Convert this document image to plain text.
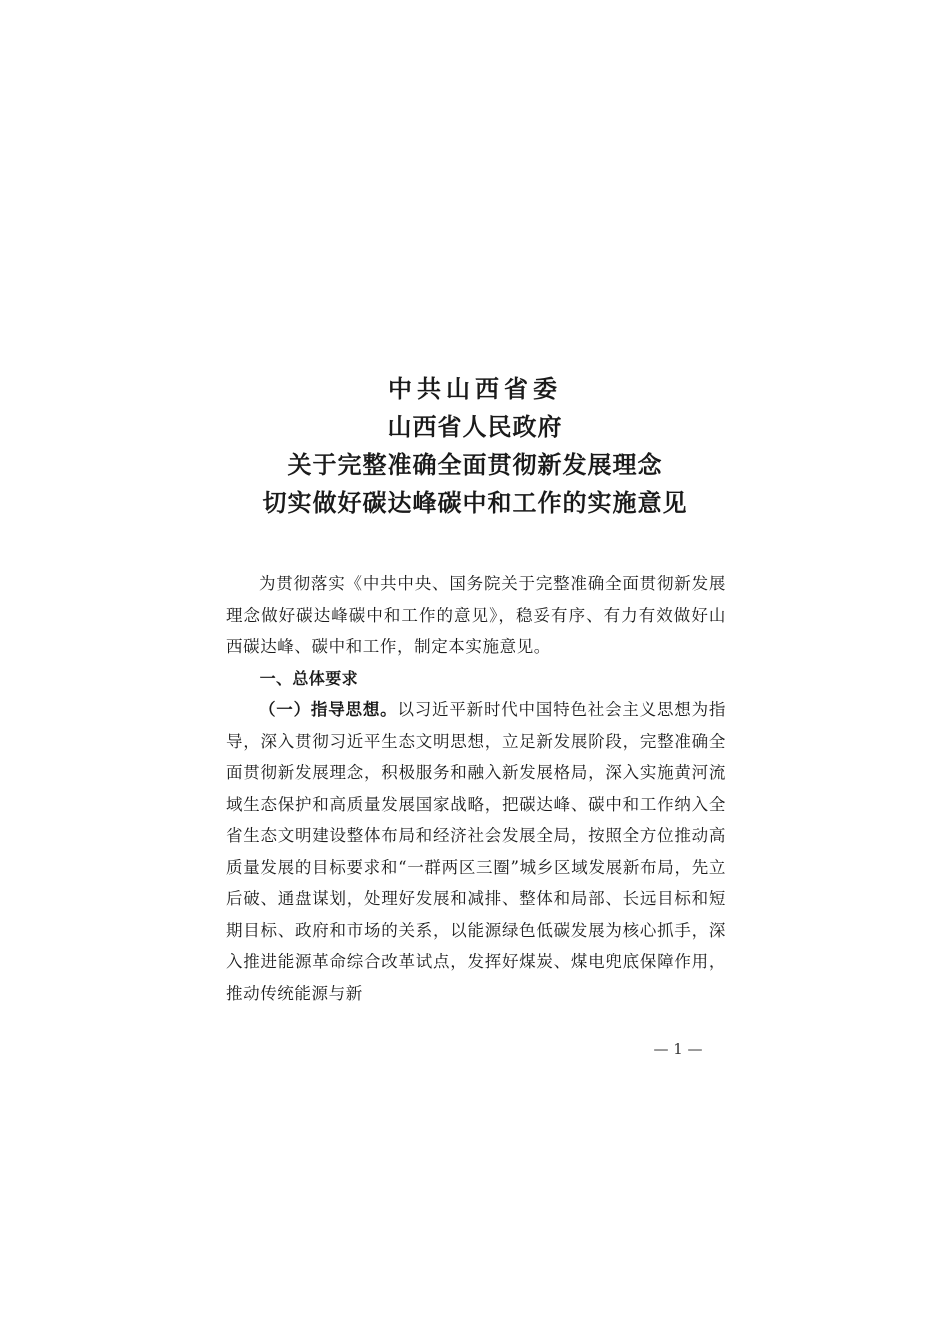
中共山西省委
山西省人民政府
关于完整准确全面贯彻新发展理念
切实做好碳达峰碳中和工作的实施意见

为贯彻落实《中共中央、国务院关于完整准确全面贯彻新发展理念做好碳达峰碳中和工作的意见》，稳妥有序、有力有效做好山西碳达峰、碳中和工作，制定本实施意见。

一、总体要求

（一）指导思想。以习近平新时代中国特色社会主义思想为指导，深入贯彻习近平生态文明思想，立足新发展阶段，完整准确全面贯彻新发展理念，积极服务和融入新发展格局，深入实施黄河流域生态保护和高质量发展国家战略，把碳达峰、碳中和工作纳入全省生态文明建设整体布局和经济社会发展全局，按照全方位推动高质量发展的目标要求和“一群两区三圈”城乡区域发展新布局，先立后破、通盘谋划，处理好发展和减排、整体和局部、长远目标和短期目标、政府和市场的关系，以能源绿色低碳发展为核心抓手，深入推进能源革命综合改革试点，发挥好煤炭、煤电兜底保障作用，推动传统能源与新

— 1 —
